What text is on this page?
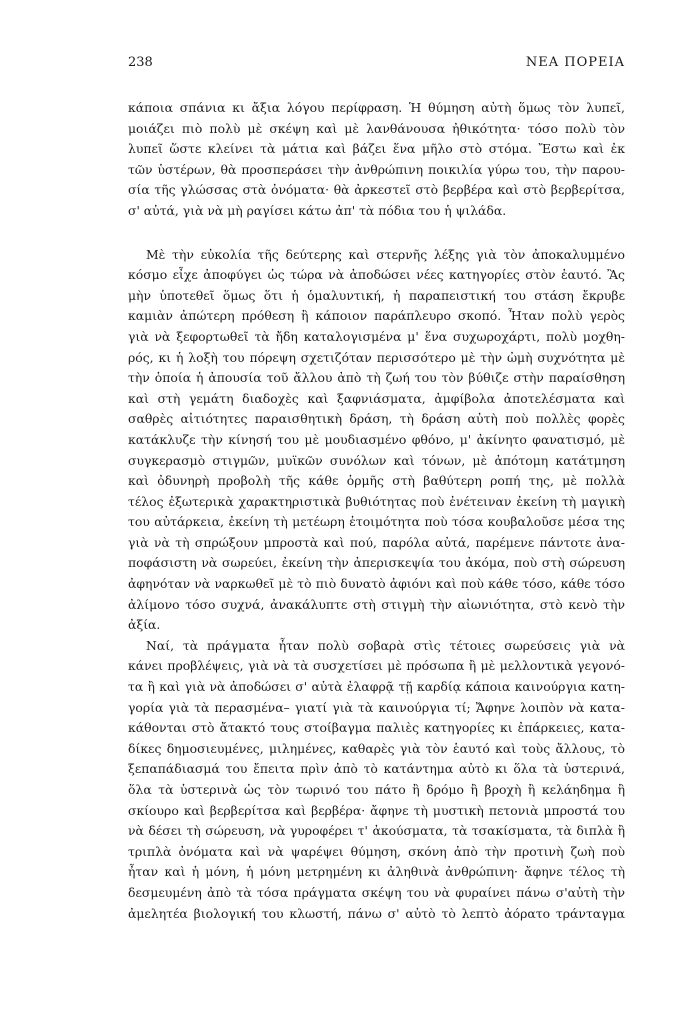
238	ΝΕΑ ΠΟΡΕΙΑ
κάποια σπάνια κι ἄξια λόγου περίφραση. Ἡ θύμηση αὐτὴ ὅμως τὸν λυπεῖ,
μοιάζει πιὸ πολὺ μὲ σκέψη καὶ μὲ λανθάνουσα ἠθικότητα· τόσο πολὺ τὸν
λυπεῖ ὥστε κλείνει τὰ μάτια καὶ βάζει ἕνα μῆλο στὸ στόμα. Ἔστω καὶ ἐκ
τῶν ὑστέρων, θὰ προσπεράσει τὴν ἀνθρώπινη ποικιλία γύρω του, τὴν παρου-
σία τῆς γλώσσας στὰ ὀνόματα· θὰ ἀρκεστεῖ στὸ βερβέρα καὶ στὸ βερβερίτσα,
σ' αὐτά, γιὰ νὰ μὴ ραγίσει κάτω ἀπ' τὰ πόδια του ἡ ψιλάδα.
Μὲ τὴν εὐκολία τῆς δεύτερης καὶ στερνῆς λέξης γιὰ τὸν ἀποκαλυμμένο
κόσμο εἶχε ἀποφύγει ὡς τώρα νὰ ἀποδώσει νέες κατηγορίες στὸν ἑαυτό. Ἂς
μὴν ὑποτεθεῖ ὅμως ὅτι ἡ ὁμαλυντική, ἡ παραπειστική του στάση ἔκρυβε
καμιὰν ἀπώτερη πρόθεση ἢ κάποιον παράπλευρο σκοπό. Ἦταν πολὺ γερὸς
γιὰ νὰ ξεφορτωθεῖ τὰ ἤδη καταλογισμένα μ' ἕνα συχωροχάρτι, πολὺ μοχθη-
ρός, κι ἡ λοξὴ του πόρεψη σχετιζόταν περισσότερο μὲ τὴν ὠμὴ συχνότητα μὲ
τὴν ὁποία ἡ ἀπουσία τοῦ ἄλλου ἀπὸ τὴ ζωή του τὸν βύθιζε στὴν παραίσθηση
καὶ στὴ γεμάτη διαδοχὲς καὶ ξαφνιάσματα, ἀμφίβολα ἀποτελέσματα καὶ
σαθρὲς αἰτιότητες παραισθητικὴ δράση, τὴ δράση αὐτὴ ποὺ πολλὲς φορὲς
κατάκλυζε τὴν κίνησή του μὲ μουδιασμένο φθόνο, μ' ἀκίνητο φανατισμό, μὲ
συγκερασμὸ στιγμῶν, μυϊκῶν συνόλων καὶ τόνων, μὲ ἀπότομη κατάτμηση
καὶ ὀδυνηρὴ προβολὴ τῆς κάθε ὁρμῆς στὴ βαθύτερη ροπή της, μὲ πολλὰ
τέλος ἐξωτερικὰ χαρακτηριστικὰ βυθιότητας ποὺ ἐνέτειναν ἐκείνη τὴ μαγικὴ
του αὐτάρκεια, ἐκείνη τὴ μετέωρη ἑτοιμότητα ποὺ τόσα κουβαλοῦσε μέσα της
γιὰ νὰ τὴ σπρώξουν μπροστὰ καὶ πού, παρόλα αὐτά, παρέμενε πάντοτε ἀνα-
ποφάσιστη νὰ σωρεύει, ἐκείνη τὴν ἀπερισκεψία του ἀκόμα, ποὺ στὴ σώρευση
ἀφηνόταν νὰ ναρκωθεῖ μὲ τὸ πιὸ δυνατὸ ἀφιόνι καὶ ποὺ κάθε τόσο, κάθε τόσο
ἀλίμονο τόσο συχνά, ἀνακάλυπτε στὴ στιγμὴ τὴν αἰωνιότητα, στὸ κενὸ τὴν
ἀξία.
Ναί, τὰ πράγματα ἦταν πολὺ σοβαρὰ στὶς τέτοιες σωρεύσεις γιὰ νὰ
κάνει προβλέψεις, γιὰ νὰ τὰ συσχετίσει μὲ πρόσωπα ἢ μὲ μελλοντικὰ γεγονό-
τα ἢ καὶ γιὰ νὰ ἀποδώσει σ' αὐτὰ ἐλαφρᾷ τῇ καρδίᾳ κάποια καινούργια κατη-
γορία γιὰ τὰ περασμένα– γιατί γιὰ τὰ καινούργια τί; Ἄφηνε λοιπὸν νὰ κατα-
κάθονται στὸ ἄτακτό τους στοίβαγμα παλιὲς κατηγορίες κι ἐπάρκειες, κατα-
δίκες δημοσιευμένες, μιλημένες, καθαρὲς γιὰ τὸν ἑαυτό καὶ τοὺς ἄλλους, τὸ
ξεπαπάδιασμά του ἔπειτα πρὶν ἀπὸ τὸ κατάντημα αὐτὸ κι ὅλα τὰ ὑστερινά,
ὅλα τὰ ὑστερινὰ ὡς τὸν τωρινό του πάτο ἢ δρόμο ἢ βροχὴ ἢ κελάηδημα ἢ
σκίουρο καὶ βερβερίτσα καὶ βερβέρα· ἄφηνε τὴ μυστικὴ πετονιὰ μπροστά του
νὰ δέσει τὴ σώρευση, νὰ γυροφέρει τ' ἀκούσματα, τὰ τσακίσματα, τὰ διπλὰ ἢ
τριπλὰ ὀνόματα καὶ νὰ ψαρέψει θύμηση, σκόνη ἀπὸ τὴν προτινὴ ζωὴ ποὺ
ἦταν καὶ ἡ μόνη, ἡ μόνη μετρημένη κι ἀληθινὰ ἀνθρώπινη· ἄφηνε τέλος τὴ
δεσμευμένη ἀπὸ τὰ τόσα πράγματα σκέψη του νὰ φυραίνει πάνω σ'αὐτὴ τὴν
ἀμελητέα βιολογική του κλωστή, πάνω σ' αὐτὸ τὸ λεπτὸ ἀόρατο τράνταγμα
